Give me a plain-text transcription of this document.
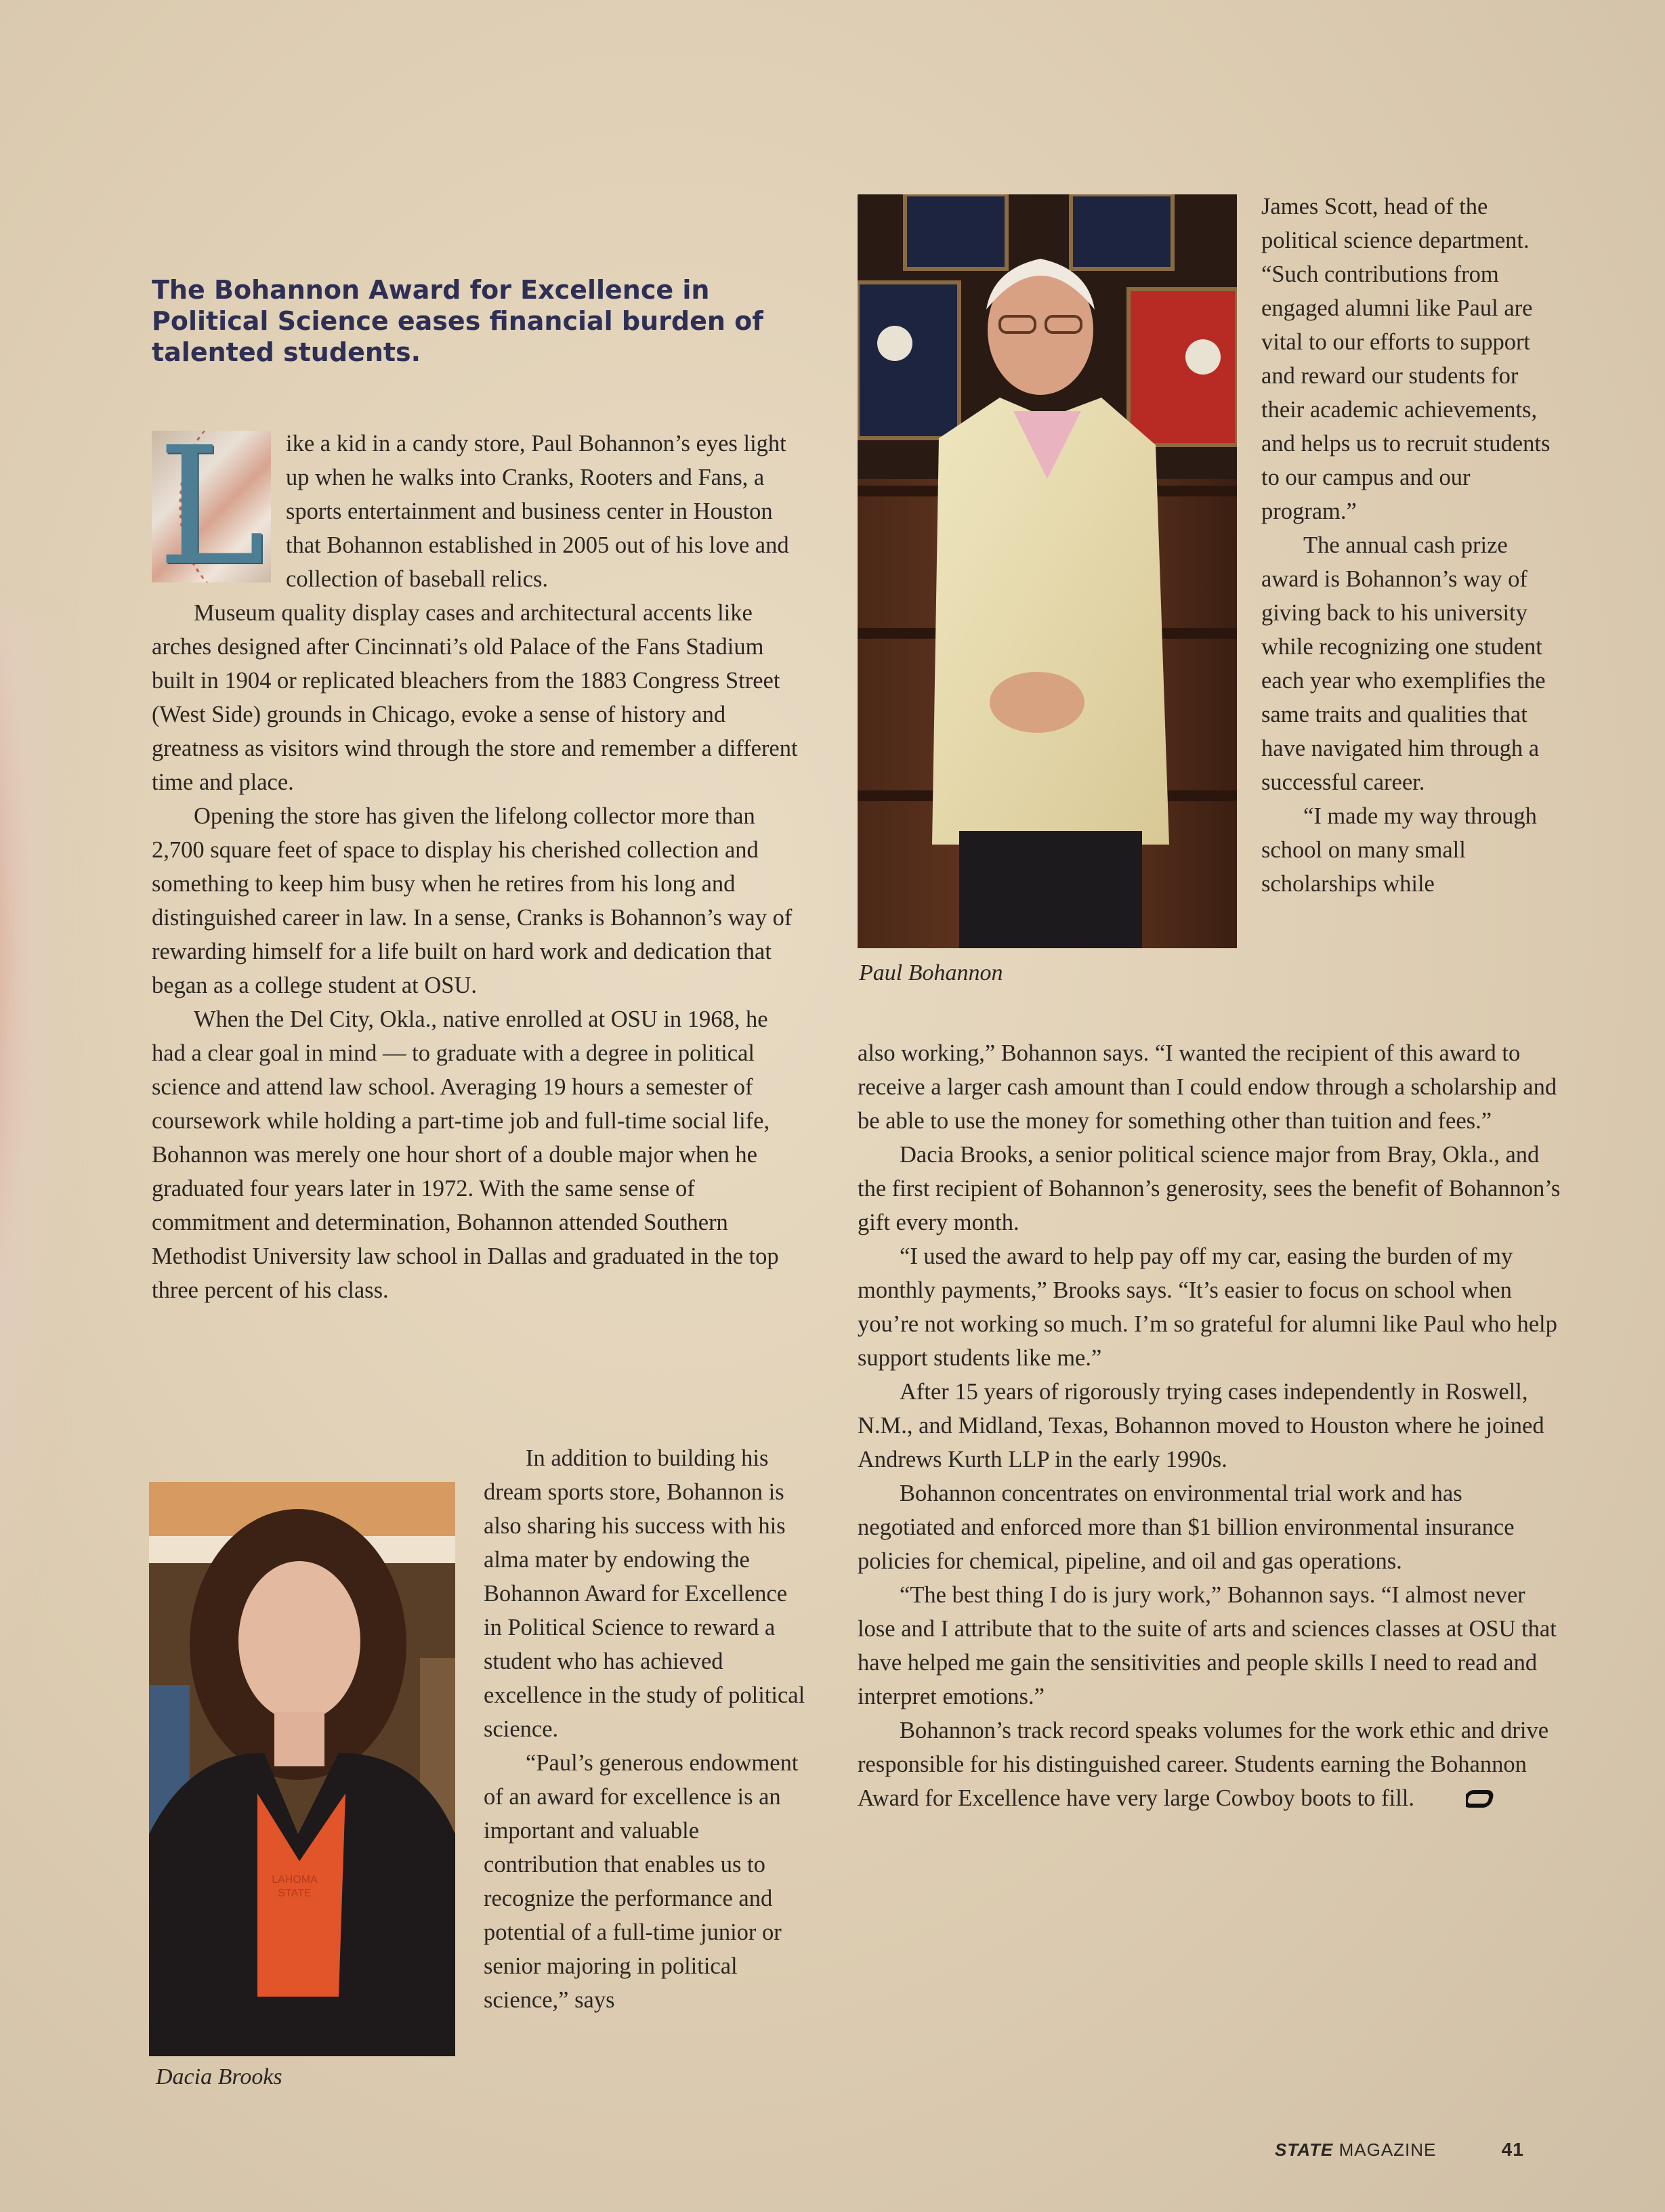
The Bohannon Award for Excellence in Political Science eases financial burden of talented students.

L ike a kid in a candy store, Paul Bohannon’s eyes light up when he walks into Cranks, Rooters and Fans, a sports entertainment and business center in Houston that Bohannon established in 2005 out of his love and collection of baseball relics.

Museum quality display cases and architectural accents like arches designed after Cincinnati’s old Palace of the Fans Stadium built in 1904 or replicated bleachers from the 1883 Congress Street (West Side) grounds in Chicago, evoke a sense of history and greatness as visitors wind through the store and remember a different time and place.

Opening the store has given the lifelong collector more than 2,700 square feet of space to display his cherished collection and something to keep him busy when he retires from his long and distinguished career in law. In a sense, Cranks is Bohannon’s way of rewarding himself for a life built on hard work and dedication that began as a college student at OSU.

When the Del City, Okla., native enrolled at OSU in 1968, he had a clear goal in mind — to graduate with a degree in political science and attend law school. Averaging 19 hours a semester of coursework while holding a part-time job and full-time social life, Bohannon was merely one hour short of a double major when he graduated four years later in 1972. With the same sense of commitment and determination, Bohannon attended Southern Methodist University law school in Dallas and graduated in the top three percent of his class.

In addition to building his dream sports store, Bohannon is also sharing his success with his alma mater by endowing the Bohannon Award for Excellence in Political Science to reward a student who has achieved excellence in the study of political science.

“Paul’s generous endowment of an award for excellence is an important and valuable contribution that enables us to recognize the performance and potential of a full-time junior or senior majoring in political science,” says

Paul Bohannon

James Scott, head of the political science department. “Such contributions from engaged alumni like Paul are vital to our efforts to support and reward our students for their academic achievements, and helps us to recruit students to our campus and our program.”

The annual cash prize award is Bohannon’s way of giving back to his university while recognizing one student each year who exemplifies the same traits and qualities that have navigated him through a successful career.

“I made my way through school on many small scholarships while

also working,” Bohannon says. “I wanted the recipient of this award to receive a larger cash amount than I could endow through a scholarship and be able to use the money for something other than tuition and fees.”

Dacia Brooks, a senior political science major from Bray, Okla., and the first recipient of Bohannon’s generosity, sees the benefit of Bohannon’s gift every month.

“I used the award to help pay off my car, easing the burden of my monthly payments,” Brooks says. “It’s easier to focus on school when you’re not working so much. I’m so grateful for alumni like Paul who help support students like me.”

After 15 years of rigorously trying cases independently in Roswell, N.M., and Midland, Texas, Bohannon moved to Houston where he joined Andrews Kurth LLP in the early 1990s.

Bohannon concentrates on environmental trial work and has negotiated and enforced more than $1 billion environmental insurance policies for chemical, pipeline, and oil and gas operations.

“The best thing I do is jury work,” Bohannon says. “I almost never lose and I attribute that to the suite of arts and sciences classes at OSU that have helped me gain the sensitivities and people skills I need to read and interpret emotions.”

Bohannon’s track record speaks volumes for the work ethic and drive responsible for his distinguished career. Students earning the Bohannon Award for Excellence have very large Cowboy boots to fill.

LAHOMA STATE

Dacia Brooks

STATE MAGAZINE	41
